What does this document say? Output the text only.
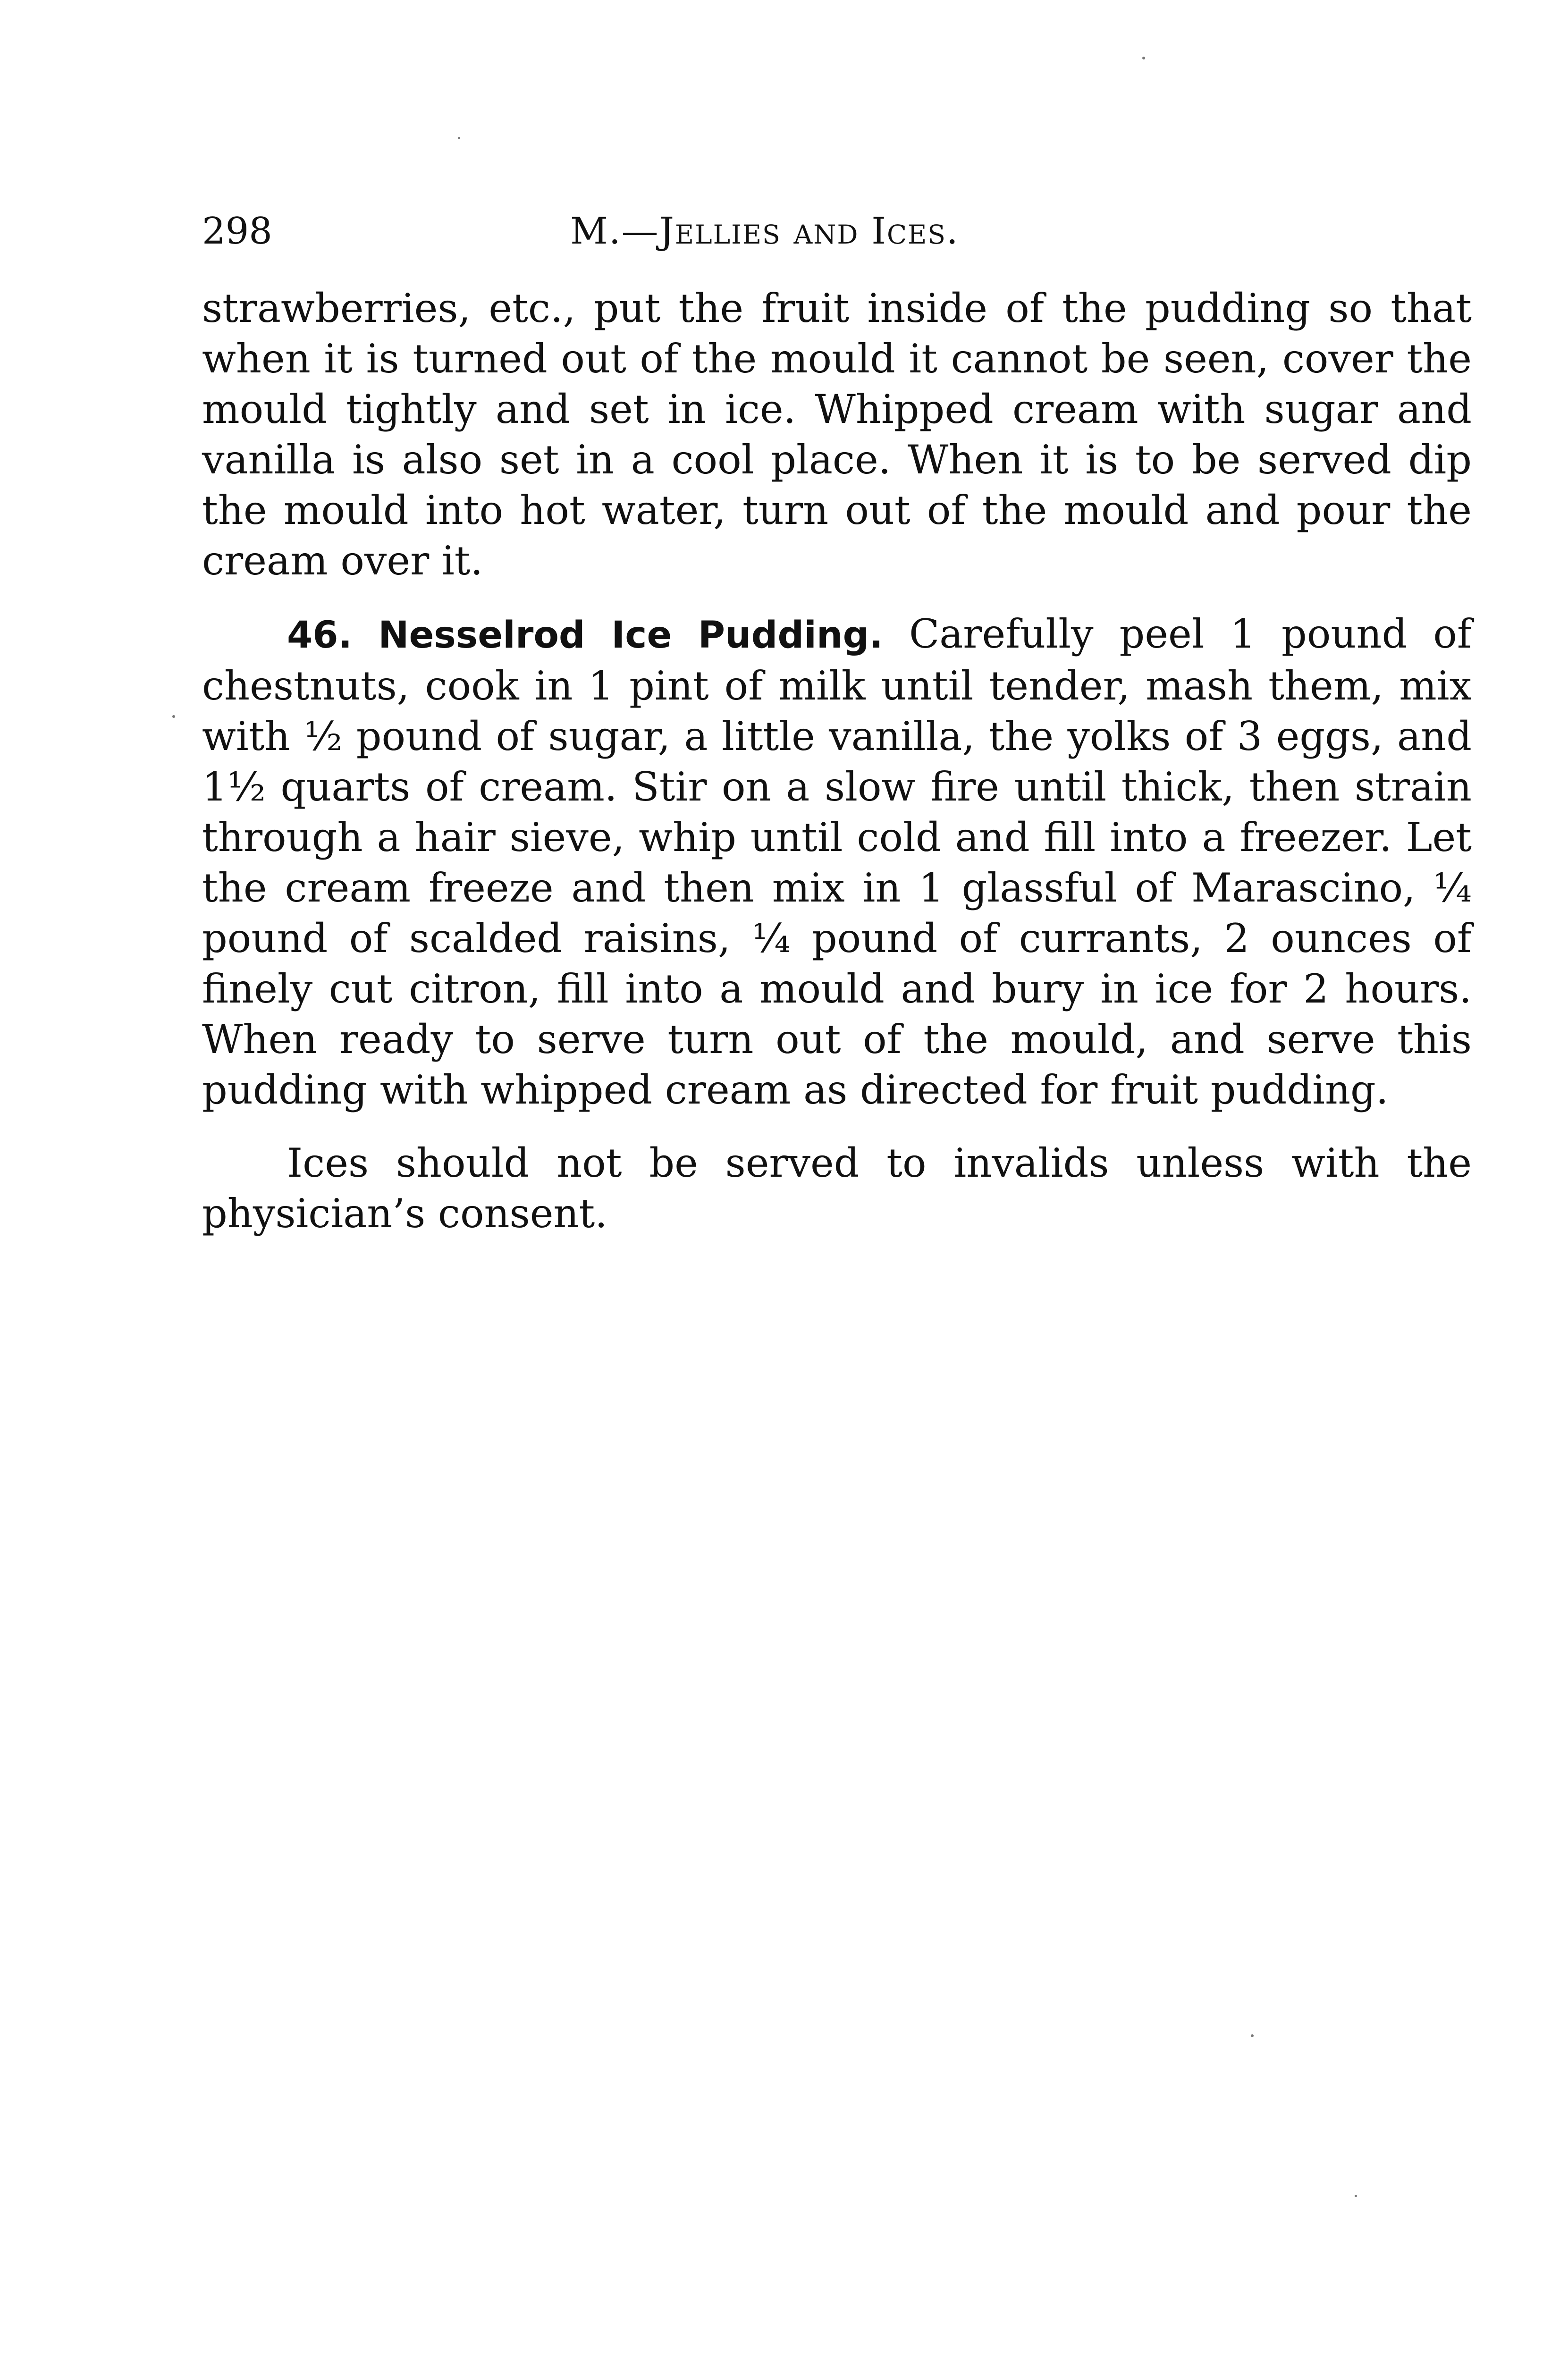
298	M.—Jellies and Ices.

strawberries, etc., put the fruit inside of the pudding so that when it is turned out of the mould it cannot be seen, cover the mould tightly and set in ice. Whipped cream with sugar and vanilla is also set in a cool place. When it is to be served dip the mould into hot water, turn out of the mould and pour the cream over it.

46. Nesselrod Ice Pudding. Carefully peel 1 pound of chestnuts, cook in 1 pint of milk until tender, mash them, mix with ½ pound of sugar, a little vanilla, the yolks of 3 eggs, and 1½ quarts of cream. Stir on a slow fire until thick, then strain through a hair sieve, whip until cold and fill into a freezer. Let the cream freeze and then mix in 1 glassful of Marascino, ¼ pound of scalded raisins, ¼ pound of currants, 2 ounces of finely cut citron, fill into a mould and bury in ice for 2 hours. When ready to serve turn out of the mould, and serve this pudding with whipped cream as directed for fruit pudding.

Ices should not be served to invalids unless with the physician’s consent.
